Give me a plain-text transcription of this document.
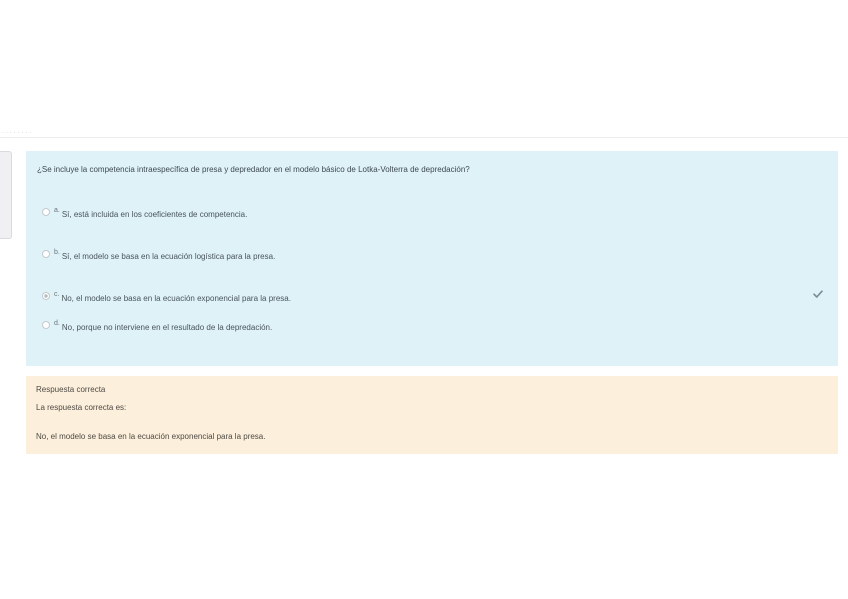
. . . . . . . .
¿Se incluye la competencia intraespecífica de presa y depredador en el modelo básico de Lotka-Volterra de depredación?
a. Sí, está incluida en los coeficientes de competencia.
b. Sí, el modelo se basa en la ecuación logística para la presa.
c. No, el modelo se basa en la ecuación exponencial para la presa.
d. No, porque no interviene en el resultado de la depredación.
Respuesta correcta
La respuesta correcta es:
No, el modelo se basa en la ecuación exponencial para la presa.
